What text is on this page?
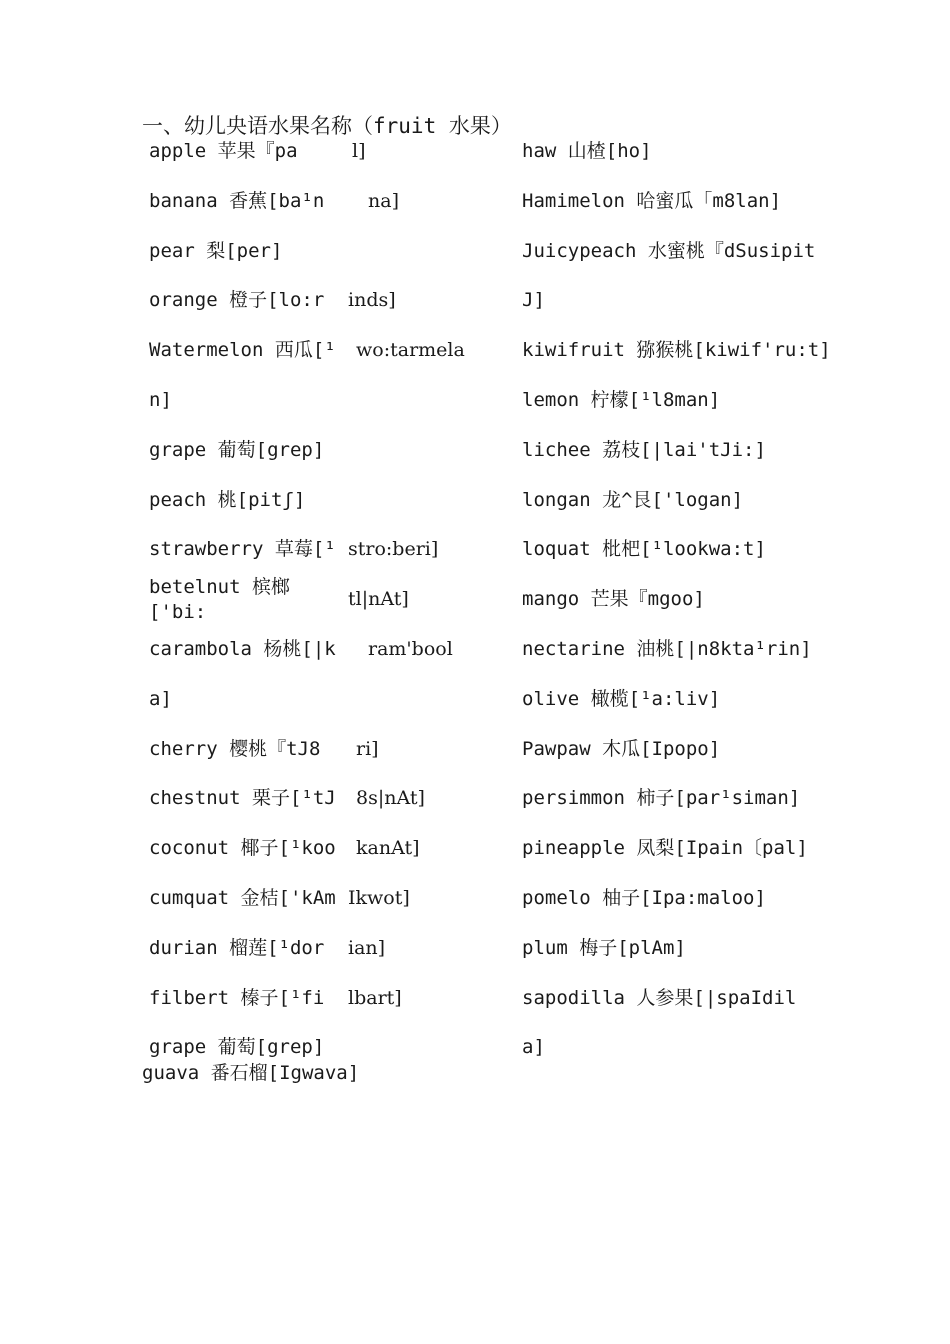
一、幼儿央语水果名称（fruit 水果）
apple 苹果『pa	l]
banana 香蕉[ba¹n na]
pear 梨[per]
orange 橙子[lo:r inds]
Watermelon 西瓜[¹ wo:tarmela
n]
grape 葡萄[grep]
peach 桃[pitʃ]
strawberry 草莓[¹ stro:beri]
betelnut 槟榔
tl|nAt]
['bi:
carambola 杨桃[|k ram'bool
a]
cherry 樱桃『tJ8 ri]
chestnut 栗子[¹tJ 8s|nAt]
coconut 椰子[¹koo kanAt]
cumquat 金桔['kAm Ikwot]
durian 榴莲[¹dor ian]
filbert 榛子[¹fi lbart]
grape 葡萄[grep]
haw 山楂[ho]
Hamimelon 哈蜜瓜「m8lan]
Juicypeach 水蜜桃『dSusipit
J]
kiwifruit 猕猴桃[kiwif'ru:t]
lemon 柠檬[¹l8man]
lichee 荔枝[|lai'tJi:]
longan 龙^艮['logan]
loquat 枇杷[¹lookwa:t]
mango 芒果『mgoo]
nectarine 油桃[|n8kta¹rin]
olive 橄榄[¹a:liv]
Pawpaw 木瓜[Ipopo]
persimmon 柿子[par¹siman]
pineapple 凤梨[Ipain〔pal]
pomelo 柚子[Ipa:maloo]
plum 梅子[plAm]
sapodilla 人参果[|spaIdil
a]
guava 番石榴[Igwava]
